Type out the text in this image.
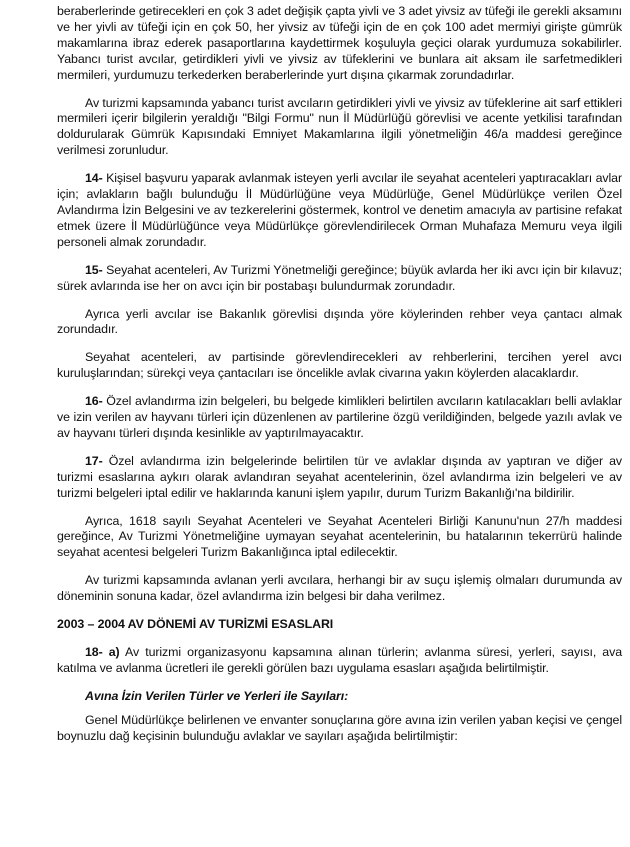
beraberlerinde getirecekleri en çok 3 adet değişik çapta yivli ve 3 adet yivsiz av tüfeği ile gerekli aksamını ve her yivli av tüfeği için en çok 50, her yivsiz av tüfeği için de en çok 100 adet mermiyi girişte gümrük makamlarına ibraz ederek pasaportlarına kaydettirmek koşuluyla geçici olarak yurdumuza sokabilirler. Yabancı turist avcılar, getirdikleri yivli ve yivsiz av tüfeklerini ve bunlara ait aksam ile sarfetmedikleri mermileri, yurdumuzu terkederken beraberlerinde yurt dışına çıkarmak zorundadırlar.

Av turizmi kapsamında yabancı turist avcıların getirdikleri yivli ve yivsiz av tüfeklerine ait sarf ettikleri mermileri içerir bilgilerin yeraldığı "Bilgi Formu" nun İl Müdürlüğü görevlisi ve acente yetkilisi tarafından doldurularak Gümrük Kapısındaki Emniyet Makamlarına ilgili yönetmeliğin 46/a maddesi gereğince verilmesi zorunludur.

14- Kişisel başvuru yaparak avlanmak isteyen yerli avcılar ile seyahat acenteleri yaptıracakları avlar için; avlakların bağlı bulunduğu İl Müdürlüğüne veya Müdürlüğe, Genel Müdürlükçe verilen Özel Avlandırma İzin Belgesini ve av tezkerelerini göstermek, kontrol ve denetim amacıyla av partisine refakat etmek üzere İl Müdürlüğünce veya Müdürlükçe görevlendirilecek Orman Muhafaza Memuru veya ilgili personeli almak zorundadır.

15- Seyahat acenteleri, Av Turizmi Yönetmeliği gereğince; büyük avlarda her iki avcı için bir kılavuz; sürek avlarında ise her on avcı için bir postabaşı bulundurmak zorundadır.

Ayrıca yerli avcılar ise Bakanlık görevlisi dışında yöre köylerinden rehber veya çantacı almak zorundadır.

Seyahat acenteleri, av partisinde görevlendirecekleri av rehberlerini, tercihen yerel avcı kuruluşlarından; sürekçi veya çantacıları ise öncelikle avlak civarına yakın köylerden alacaklardır.

16- Özel avlandırma izin belgeleri, bu belgede kimlikleri belirtilen avcıların katılacakları belli avlaklar ve izin verilen av hayvanı türleri için düzenlenen av partilerine özgü verildiğinden, belgede yazılı avlak ve av hayvanı türleri dışında kesinlikle av yaptırılmayacaktır.

17- Özel avlandırma izin belgelerinde belirtilen tür ve avlaklar dışında av yaptıran ve diğer av turizmi esaslarına aykırı olarak avlandıran seyahat acentelerinin, özel avlandırma izin belgeleri ve av turizmi belgeleri iptal edilir ve haklarında kanuni işlem yapılır, durum Turizm Bakanlığı'na bildirilir.

Ayrıca, 1618 sayılı Seyahat Acenteleri ve Seyahat Acenteleri Birliği Kanunu'nun 27/h maddesi gereğince, Av Turizmi Yönetmeliğine uymayan seyahat acentelerinin, bu hatalarının tekerrürü halinde seyahat acentesi belgeleri Turizm Bakanlığınca iptal edilecektir.

Av turizmi kapsamında avlanan yerli avcılara, herhangi bir av suçu işlemiş olmaları durumunda av döneminin sonuna kadar, özel avlandırma izin belgesi bir daha verilmez.

2003 – 2004 AV DÖNEMİ AV TURİZMİ ESASLARI

18- a) Av turizmi organizasyonu kapsamına alınan türlerin; avlanma süresi, yerleri, sayısı, ava katılma ve avlanma ücretleri ile gerekli görülen bazı uygulama esasları aşağıda belirtilmiştir.

Avına İzin Verilen Türler ve Yerleri ile Sayıları:

Genel Müdürlükçe belirlenen ve envanter sonuçlarına göre avına izin verilen yaban keçisi ve çengel boynuzlu dağ keçisinin bulunduğu avlaklar ve sayıları aşağıda belirtilmiştir:
